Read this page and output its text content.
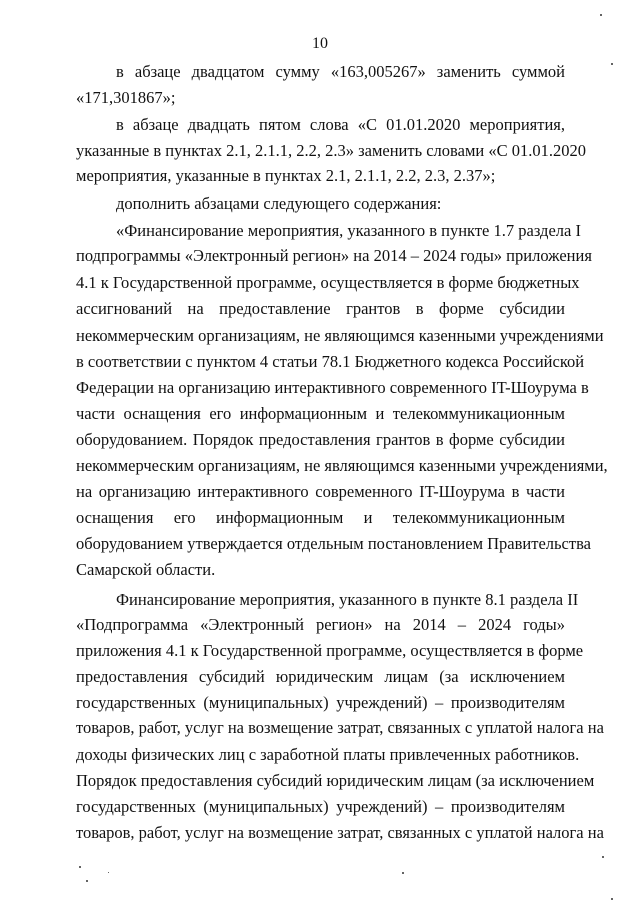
10
в абзаце двадцатом сумму «163,005267» заменить суммой
«171,301867»;
в абзаце двадцать пятом слова «С 01.01.2020 мероприятия,
указанные в пунктах 2.1, 2.1.1, 2.2, 2.3» заменить словами «С 01.01.2020
мероприятия, указанные в пунктах 2.1, 2.1.1, 2.2, 2.3, 2.37»;
дополнить абзацами следующего содержания:
«Финансирование мероприятия, указанного в пункте 1.7 раздела I
подпрограммы «Электронный регион» на 2014 – 2024 годы» приложения
4.1 к Государственной программе, осуществляется в форме бюджетных
ассигнований на предоставление грантов в форме субсидии
некоммерческим организациям, не являющимся казенными учреждениями
в соответствии с пунктом 4 статьи 78.1 Бюджетного кодекса Российской
Федерации на организацию интерактивного современного IT-Шоурума в
части оснащения его информационным и телекоммуникационным
оборудованием. Порядок предоставления грантов в форме субсидии
некоммерческим организациям, не являющимся казенными учреждениями,
на организацию интерактивного современного IT-Шоурума в части
оснащения его информационным и телекоммуникационным
оборудованием утверждается отдельным постановлением Правительства
Самарской области.
Финансирование мероприятия, указанного в пункте 8.1 раздела II
«Подпрограмма «Электронный регион» на 2014 – 2024 годы»
приложения 4.1 к Государственной программе, осуществляется в форме
предоставления субсидий юридическим лицам (за исключением
государственных (муниципальных) учреждений) – производителям
товаров, работ, услуг на возмещение затрат, связанных с уплатой налога на
доходы физических лиц с заработной платы привлеченных работников.
Порядок предоставления субсидий юридическим лицам (за исключением
государственных (муниципальных) учреждений) – производителям
товаров, работ, услуг на возмещение затрат, связанных с уплатой налога на
